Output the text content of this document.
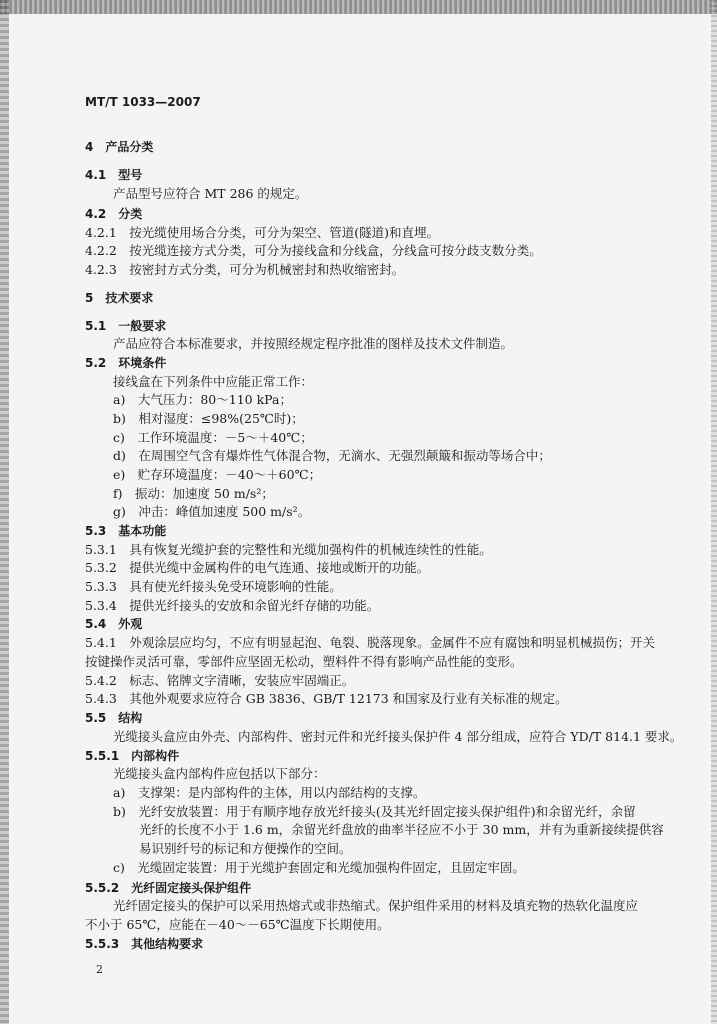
MT/T 1033—2007
4　产品分类
4.1　型号
产品型号应符合 MT 286 的规定。
4.2　分类
4.2.1　按光缆使用场合分类，可分为架空、管道(隧道)和直埋。
4.2.2　按光缆连接方式分类，可分为接线盒和分线盒，分线盒可按分歧支数分类。
4.2.3　按密封方式分类，可分为机械密封和热收缩密封。
5　技术要求
5.1　一般要求
产品应符合本标准要求，并按照经规定程序批准的图样及技术文件制造。
5.2　环境条件
接线盒在下列条件中应能正常工作：
a)　大气压力：80～110 kPa；
b)　相对湿度：≤98%(25℃时)；
c)　工作环境温度：－5～＋40℃；
d)　在周围空气含有爆炸性气体混合物，无滴水、无强烈颠簸和振动等场合中；
e)　贮存环境温度：－40～＋60℃；
f)　振动：加速度 50 m/s²；
g)　冲击：峰值加速度 500 m/s²。
5.3　基本功能
5.3.1　具有恢复光缆护套的完整性和光缆加强构件的机械连续性的性能。
5.3.2　提供光缆中金属构件的电气连通、接地或断开的功能。
5.3.3　具有使光纤接头免受环境影响的性能。
5.3.4　提供光纤接头的安放和余留光纤存储的功能。
5.4　外观
5.4.1　外观涂层应均匀，不应有明显起泡、龟裂、脱落现象。金属件不应有腐蚀和明显机械损伤；开关
按键操作灵活可靠，零部件应坚固无松动，塑料件不得有影响产品性能的变形。
5.4.2　标志、铭牌文字清晰，安装应牢固端正。
5.4.3　其他外观要求应符合 GB 3836、GB/T 12173 和国家及行业有关标准的规定。
5.5　结构
光缆接头盒应由外壳、内部构件、密封元件和光纤接头保护件 4 部分组成，应符合 YD/T 814.1 要求。
5.5.1　内部构件
光缆接头盒内部构件应包括以下部分：
a)　支撑架：是内部构件的主体，用以内部结构的支撑。
b)　光纤安放装置：用于有顺序地存放光纤接头(及其光纤固定接头保护组件)和余留光纤，余留
光纤的长度不小于 1.6 m，余留光纤盘放的曲率半径应不小于 30 mm，并有为重新接续提供容
易识别纤号的标记和方便操作的空间。
c)　光缆固定装置：用于光缆护套固定和光缆加强构件固定，且固定牢固。
5.5.2　光纤固定接头保护组件
光纤固定接头的保护可以采用热熔式或非热缩式。保护组件采用的材料及填充物的热软化温度应
不小于 65℃，应能在－40～－65℃温度下长期使用。
5.5.3　其他结构要求
2
